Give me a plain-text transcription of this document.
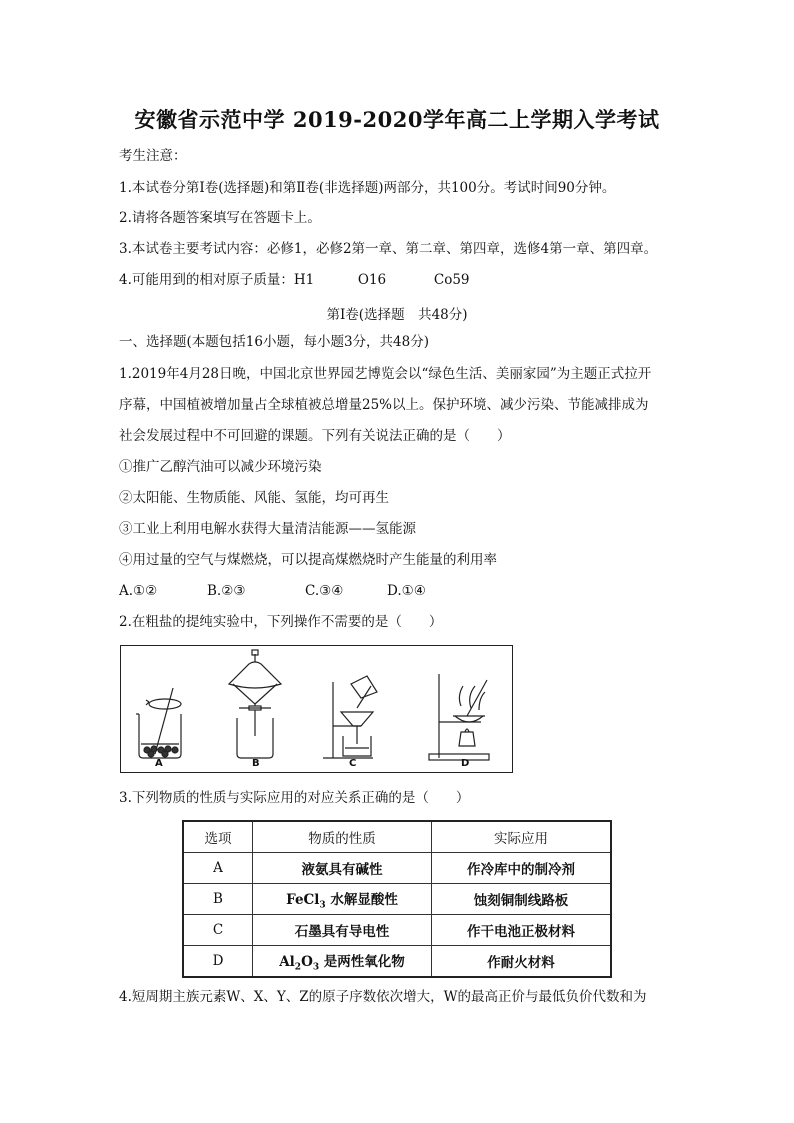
安徽省示范中学 2019-2020学年高二上学期入学考试
考生注意：
1.本试卷分第Ⅰ卷(选择题)和第Ⅱ卷(非选择题)两部分，共100分。考试时间90分钟。
2.请将各题答案填写在答题卡上。
3.本试卷主要考试内容：必修1，必修2第一章、第二章、第四章，选修4第一章、第四章。
4.可能用到的相对原子质量：H1	O16	Co59
第Ⅰ卷(选择题　共48分)
一、选择题(本题包括16小题，每小题3分，共48分)
1.2019年4月28日晚，中国北京世界园艺博览会以“绿色生活、美丽家园”为主题正式拉开
序幕，中国植被增加量占全球植被总增量25%以上。保护环境、减少污染、节能减排成为
社会发展过程中不可回避的课题。下列有关说法正确的是（　　）
①推广乙醇汽油可以减少环境污染
②太阳能、生物质能、风能、氢能，均可再生
③工业上利用电解水获得大量清洁能源——氢能源
④用过量的空气与煤燃烧，可以提高煤燃烧时产生能量的利用率
A.①②	B.②③	C.③④	D.①④
2.在粗盐的提纯实验中，下列操作不需要的是（　　）
A	B	C	D
3.下列物质的性质与实际应用的对应关系正确的是（　　）
选项	物质的性质	实际应用
A	液氨具有碱性	作冷库中的制冷剂
B	FeCl$_3$ 水解显酸性	蚀刻铜制线路板
C	石墨具有导电性	作干电池正极材料
D	$Al_2O_3$ 是两性氧化物	作耐火材料
4.短周期主族元素W、X、Y、Z的原子序数依次增大，W的最高正价与最低负价代数和为
